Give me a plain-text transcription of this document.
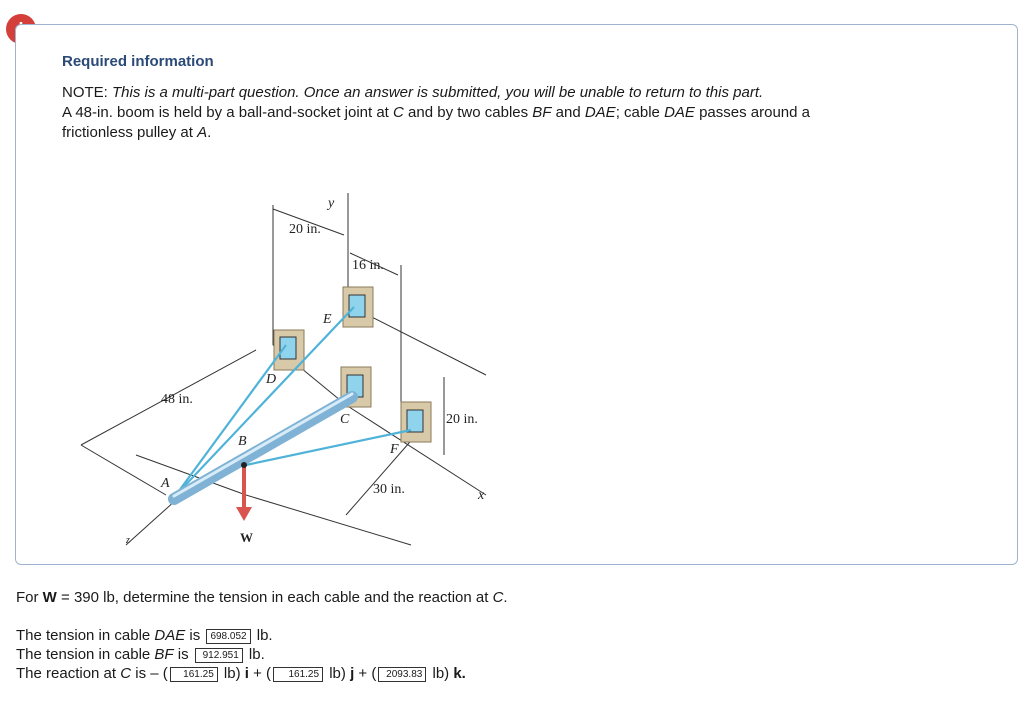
Required information
NOTE: This is a multi-part question. Once an answer is submitted, you will be unable to return to this part.
A 48-in. boom is held by a ball-and-socket joint at C and by two cables BF and DAE; cable DAE passes around a
frictionless pulley at A.
20 in.
16 in.
48 in.
20 in.
30 in.
y
x
z
A
B
C
D
E
F
W
For W = 390 lb, determine the tension in each cable and the reaction at C.
The tension in cable DAE is 698.052 lb.
The tension in cable BF is 912.951 lb.
The reaction at C is – ( 161.25 lb) i + ( 161.25 lb) j + ( 2093.83 lb) k.
